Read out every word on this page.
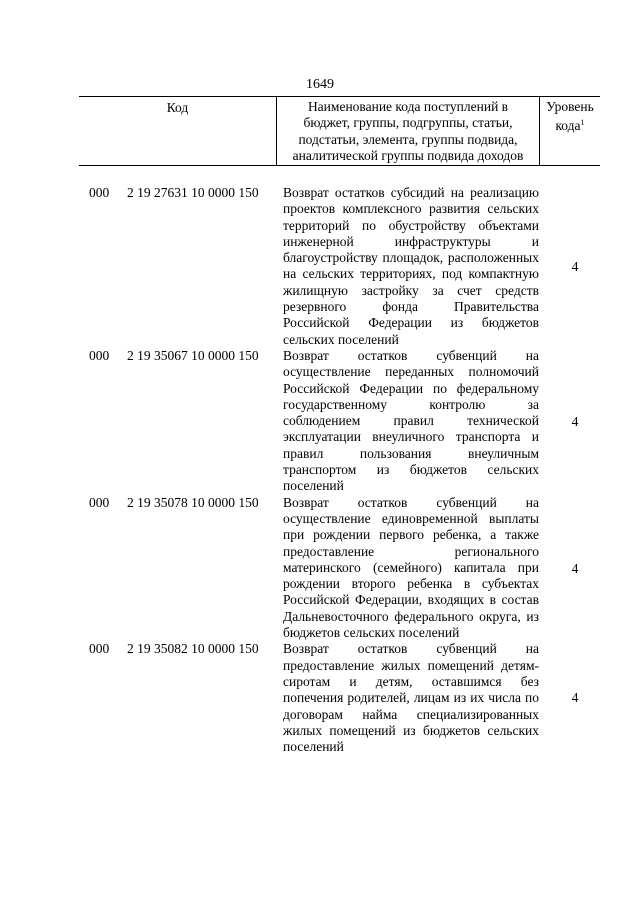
1649
Код	Наименование кода поступлений в
бюджет, группы, подгруппы, статьи,
подстатьи, элемента, группы подвида,
аналитической группы подвида доходов
Уровень
кода$^1$
000 2 19 27631 10 0000 150 Возврат остатков субсидий на реализацию проектов комплексного развития сельских территорий по обустройству объектами инженерной инфраструктуры и благоустройству площадок, расположенных на сельских территориях, под компактную жилищную застройку за счет средств резервного фонда Правительства Российской Федерации из бюджетов сельских поселений
4
000 2 19 35067 10 0000 150 Возврат остатков субвенций на осуществление переданных полномочий Российской Федерации по федеральному государственному контролю за соблюдением правил технической эксплуатации внеуличного транспорта и правил пользования внеуличным транспортом из бюджетов сельских поселений
4
000 2 19 35078 10 0000 150 Возврат остатков субвенций на осуществление единовременной выплаты при рождении первого ребенка, а также предоставление регионального материнского (семейного) капитала при рождении второго ребенка в субъектах Российской Федерации, входящих в состав Дальневосточного федерального округа, из бюджетов сельских поселений
4
000 2 19 35082 10 0000 150 Возврат остатков субвенций на предоставление жилых помещений детям-сиротам и детям, оставшимся без попечения родителей, лицам из их числа по договорам найма специализированных жилых помещений из бюджетов сельских поселений
4
